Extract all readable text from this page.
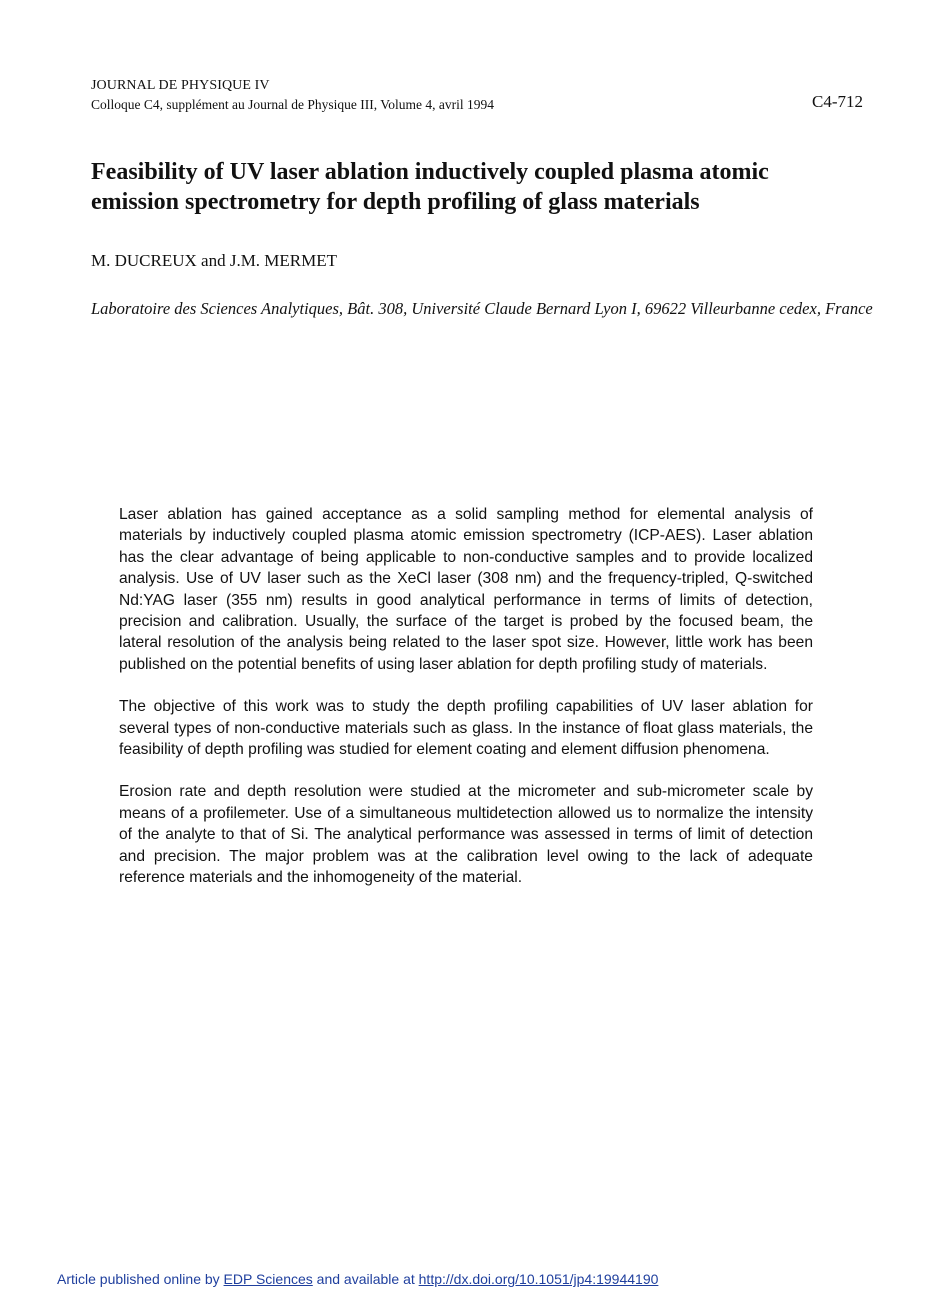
JOURNAL DE PHYSIQUE IV
Colloque C4, supplément au Journal de Physique III, Volume 4, avril 1994	C4-712
Feasibility of UV laser ablation inductively coupled plasma atomic emission spectrometry for depth profiling of glass materials
M. DUCREUX and J.M. MERMET
Laboratoire des Sciences Analytiques, Bât. 308, Université Claude Bernard Lyon I, 69622 Villeurbanne cedex, France

Laser ablation has gained acceptance as a solid sampling method for elemental analysis of materials by inductively coupled plasma atomic emission spectrometry (ICP-AES). Laser ablation has the clear advantage of being applicable to non-conductive samples and to provide localized analysis. Use of UV laser such as the XeCl laser (308 nm) and the frequency-tripled, Q-switched Nd:YAG laser (355 nm) results in good analytical performance in terms of limits of detection, precision and calibration. Usually, the surface of the target is probed by the focused beam, the lateral resolution of the analysis being related to the laser spot size. However, little work has been published on the potential benefits of using laser ablation for depth profiling study of materials.

The objective of this work was to study the depth profiling capabilities of UV laser ablation for several types of non-conductive materials such as glass. In the instance of float glass materials, the feasibility of depth profiling was studied for element coating and element diffusion phenomena.

Erosion rate and depth resolution were studied at the micrometer and sub-micrometer scale by means of a profilemeter. Use of a simultaneous multidetection allowed us to normalize the intensity of the analyte to that of Si. The analytical performance was assessed in terms of limit of detection and precision. The major problem was at the calibration level owing to the lack of adequate reference materials and the inhomogeneity of the material.

Article published online by EDP Sciences and available at http://dx.doi.org/10.1051/jp4:19944190
